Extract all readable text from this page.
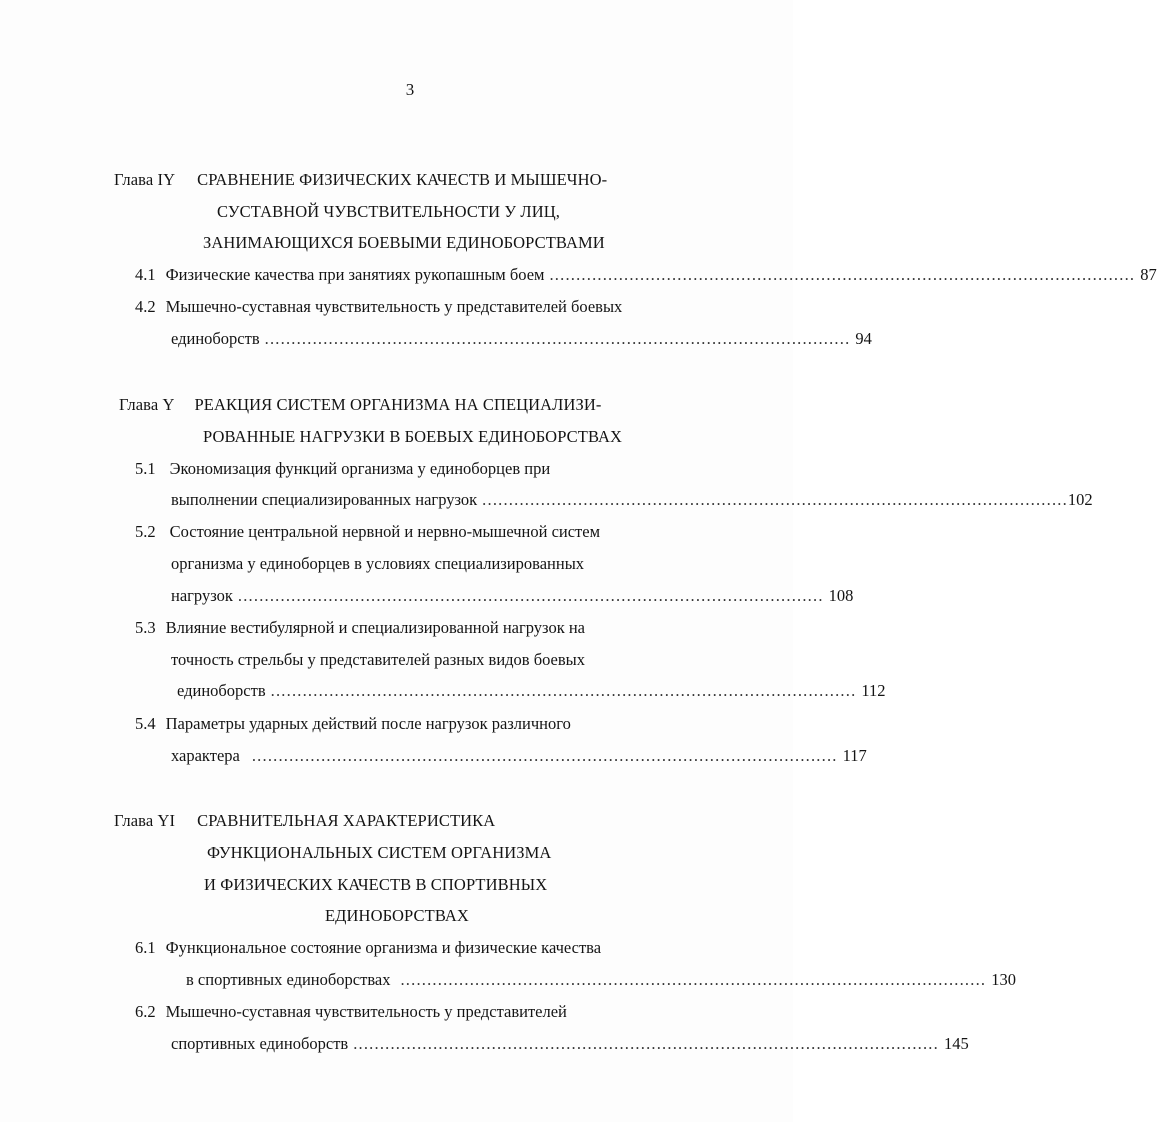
3
Глава IY СРАВНЕНИЕ ФИЗИЧЕСКИХ КАЧЕСТВ И МЫШЕЧНО-
СУСТАВНОЙ ЧУВСТВИТЕЛЬНОСТИ У ЛИЦ,
ЗАНИМАЮЩИХСЯ БОЕВЫМИ ЕДИНОБОРСТВАМИ
4.1 Физические качества при занятиях рукопашным боем .............................................................................................................. 87
4.2 Мышечно-суставная чувствительность у представителей боевых
единоборств .............................................................................................................. 94
Глава Y РЕАКЦИЯ СИСТЕМ ОРГАНИЗМА НА СПЕЦИАЛИЗИ-
РОВАННЫЕ НАГРУЗКИ В БОЕВЫХ ЕДИНОБОРСТВАХ
5.1 Экономизация функций организма у единоборцев при
выполнении специализированных нагрузок .............................................................................................................. 102
5.2 Состояние центральной нервной и нервно-мышечной систем
организма у единоборцев в условиях специализированных
нагрузок .............................................................................................................. 108
5.3 Влияние вестибулярной и специализированной нагрузок на
точность стрельбы у представителей разных видов боевых
единоборств .............................................................................................................. 112
5.4 Параметры ударных действий после нагрузок различного
характера .............................................................................................................. 117
Глава YI СРАВНИТЕЛЬНАЯ ХАРАКТЕРИСТИКА
ФУНКЦИОНАЛЬНЫХ СИСТЕМ ОРГАНИЗМА
И ФИЗИЧЕСКИХ КАЧЕСТВ В СПОРТИВНЫХ
ЕДИНОБОРСТВАХ
6.1 Функциональное состояние организма и физические качества
в спортивных единоборствах .............................................................................................................. 130
6.2 Мышечно-суставная чувствительность у представителей
спортивных единоборств .............................................................................................................. 145
